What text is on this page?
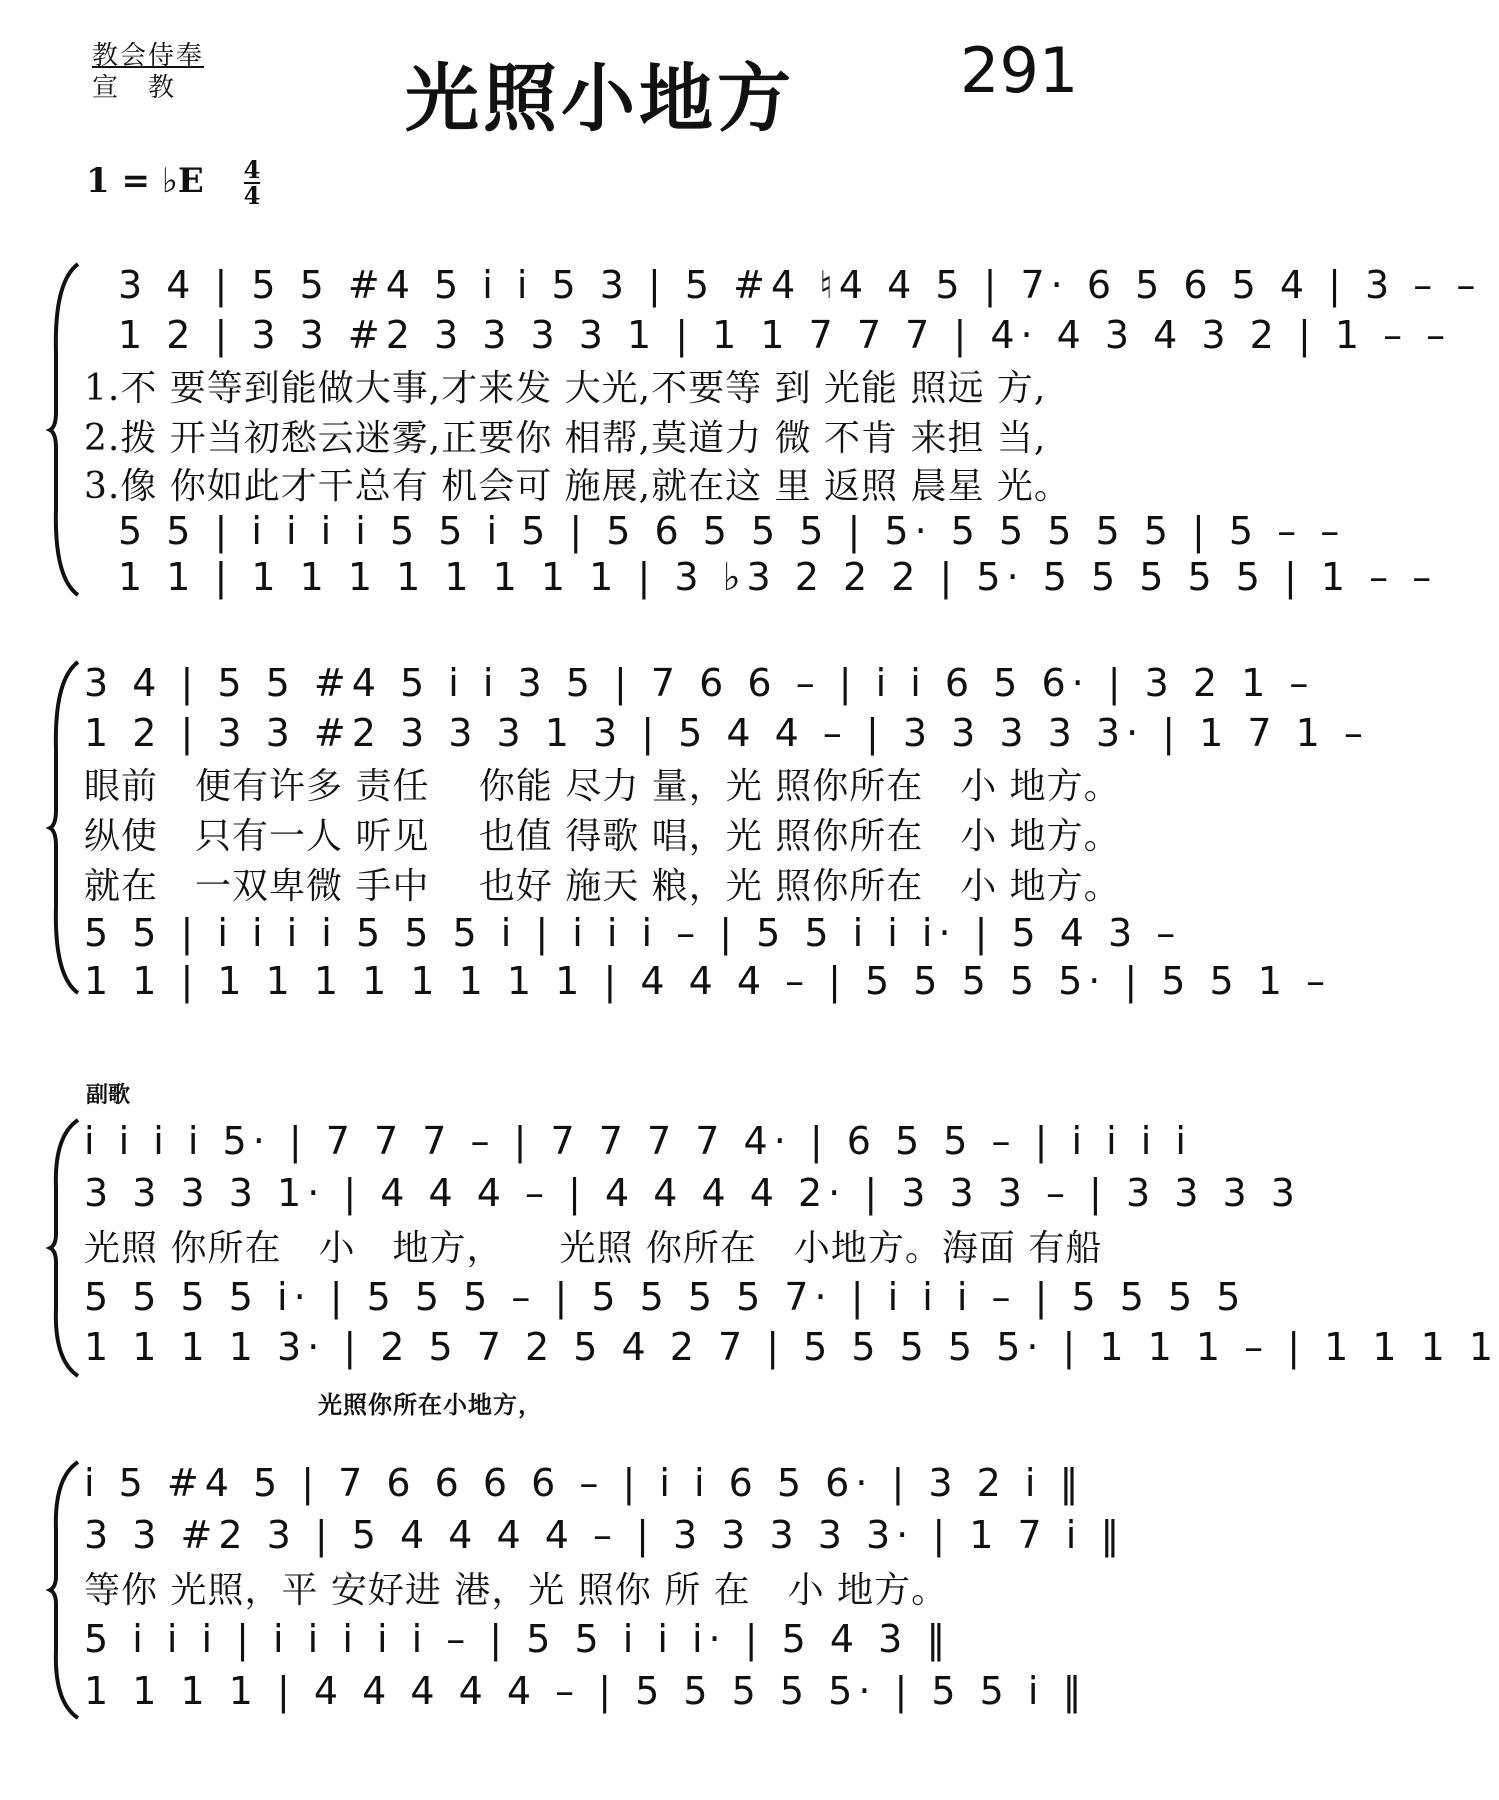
教会侍奉
宣　教	光照小地方	291
1 = ♭E $\frac{4}{4}$
3 4 | 5 5 #4 5 i i 5 3 | 5 #4 ♮4 4 5 | 7· 6 5 6 5 4 | 3 – –
1 2 | 3 3 #2 3 3 3 3 1 | 1 1 7 7 7 | 4· 4 3 4 3 2 | 1 – –
1.不 要等到能做大事,才来发 大光,不要等 到 光能 照远 方,
2.拨 开当初愁云迷雾,正要你 相帮,莫道力 微 不肯 来担 当,
3.像 你如此才干总有 机会可 施展,就在这 里 返照 晨星 光。
5 5 | i i i i 5 5 i 5 | 5 6 5 5 5 | 5· 5 5 5 5 5 | 5 – –
1 1 | 1 1 1 1 1 1 1 1 | 3 ♭3 2 2 2 | 5· 5 5 5 5 5 | 1 – –
3 4 | 5 5 #4 5 i i 3 5 | 7 6 6 – | i i 6 5 6· | 3 2 1 –
1 2 | 3 3 #2 3 3 3 1 3 | 5 4 4 – | 3 3 3 3 3· | 1 7 1 –
眼前　便有许多 责任　 你能 尽力 量，光 照你所在　小 地方。
纵使　只有一人 听见　 也值 得歌 唱，光 照你所在　小 地方。
就在　一双卑微 手中　 也好 施天 粮，光 照你所在　小 地方。
5 5 | i i i i 5 5 5 i | i i i – | 5 5 i i i· | 5 4 3 –
1 1 | 1 1 1 1 1 1 1 1 | 4 4 4 – | 5 5 5 5 5· | 5 5 1 –
副歌
i i i i 5· | 7 7 7 – | 7 7 7 7 4· | 6 5 5 – | i i i i
3 3 3 3 1· | 4 4 4 – | 4 4 4 4 2· | 3 3 3 – | 3 3 3 3
光照 你所在　小　地方，　　光照 你所在　小地方。海面 有船
5 5 5 5 i· | 5 5 5 – | 5 5 5 5 7· | i i i – | 5 5 5 5
1 1 1 1 3· | 2 5 7 2 5 4 2 7 | 5 5 5 5 5· | 1 1 1 – | 1 1 1 1
光照你所在小地方，
i 5 #4 5 | 7 6 6 6 6 – | i i 6 5 6· | 3 2 i ‖
3 3 #2 3 | 5 4 4 4 4 – | 3 3 3 3 3· | 1 7 i ‖
等你 光照，平 安好进 港，光 照你 所 在　小 地方。
5 i i i | i i i i i – | 5 5 i i i· | 5 4 3 ‖
1 1 1 1 | 4 4 4 4 4 – | 5 5 5 5 5· | 5 5 i ‖
